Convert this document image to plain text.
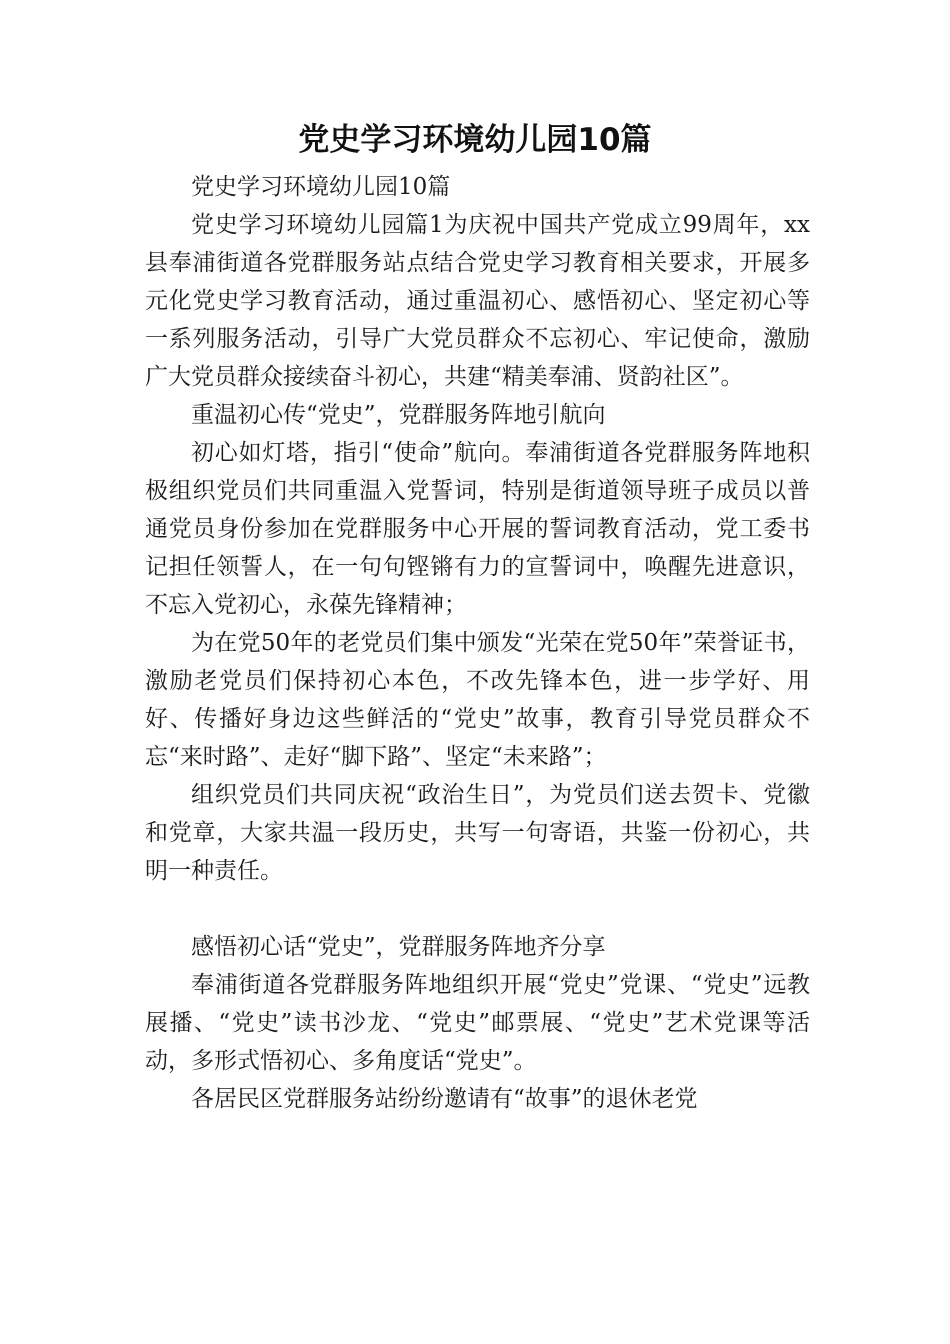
党史学习环境幼儿园10篇

党史学习环境幼儿园10篇

党史学习环境幼儿园篇1为庆祝中国共产党成立99周年，xx县奉浦街道各党群服务站点结合党史学习教育相关要求，开展多元化党史学习教育活动，通过重温初心、感悟初心、坚定初心等一系列服务活动，引导广大党员群众不忘初心、牢记使命，激励广大党员群众接续奋斗初心，共建“精美奉浦、贤韵社区”。

重温初心传“党史”，党群服务阵地引航向

初心如灯塔，指引“使命”航向。奉浦街道各党群服务阵地积极组织党员们共同重温入党誓词，特别是街道领导班子成员以普通党员身份参加在党群服务中心开展的誓词教育活动，党工委书记担任领誓人，在一句句铿锵有力的宣誓词中，唤醒先进意识，不忘入党初心，永葆先锋精神；

为在党50年的老党员们集中颁发“光荣在党50年”荣誉证书，激励老党员们保持初心本色，不改先锋本色，进一步学好、用好、传播好身边这些鲜活的“党史”故事，教育引导党员群众不忘“来时路”、走好“脚下路”、坚定“未来路”；

组织党员们共同庆祝“政治生日”，为党员们送去贺卡、党徽和党章，大家共温一段历史，共写一句寄语，共鉴一份初心，共明一种责任。

感悟初心话“党史”，党群服务阵地齐分享

奉浦街道各党群服务阵地组织开展“党史”党课、“党史”远教展播、“党史”读书沙龙、“党史”邮票展、“党史”艺术党课等活动，多形式悟初心、多角度话“党史”。

各居民区党群服务站纷纷邀请有“故事”的退休老党
